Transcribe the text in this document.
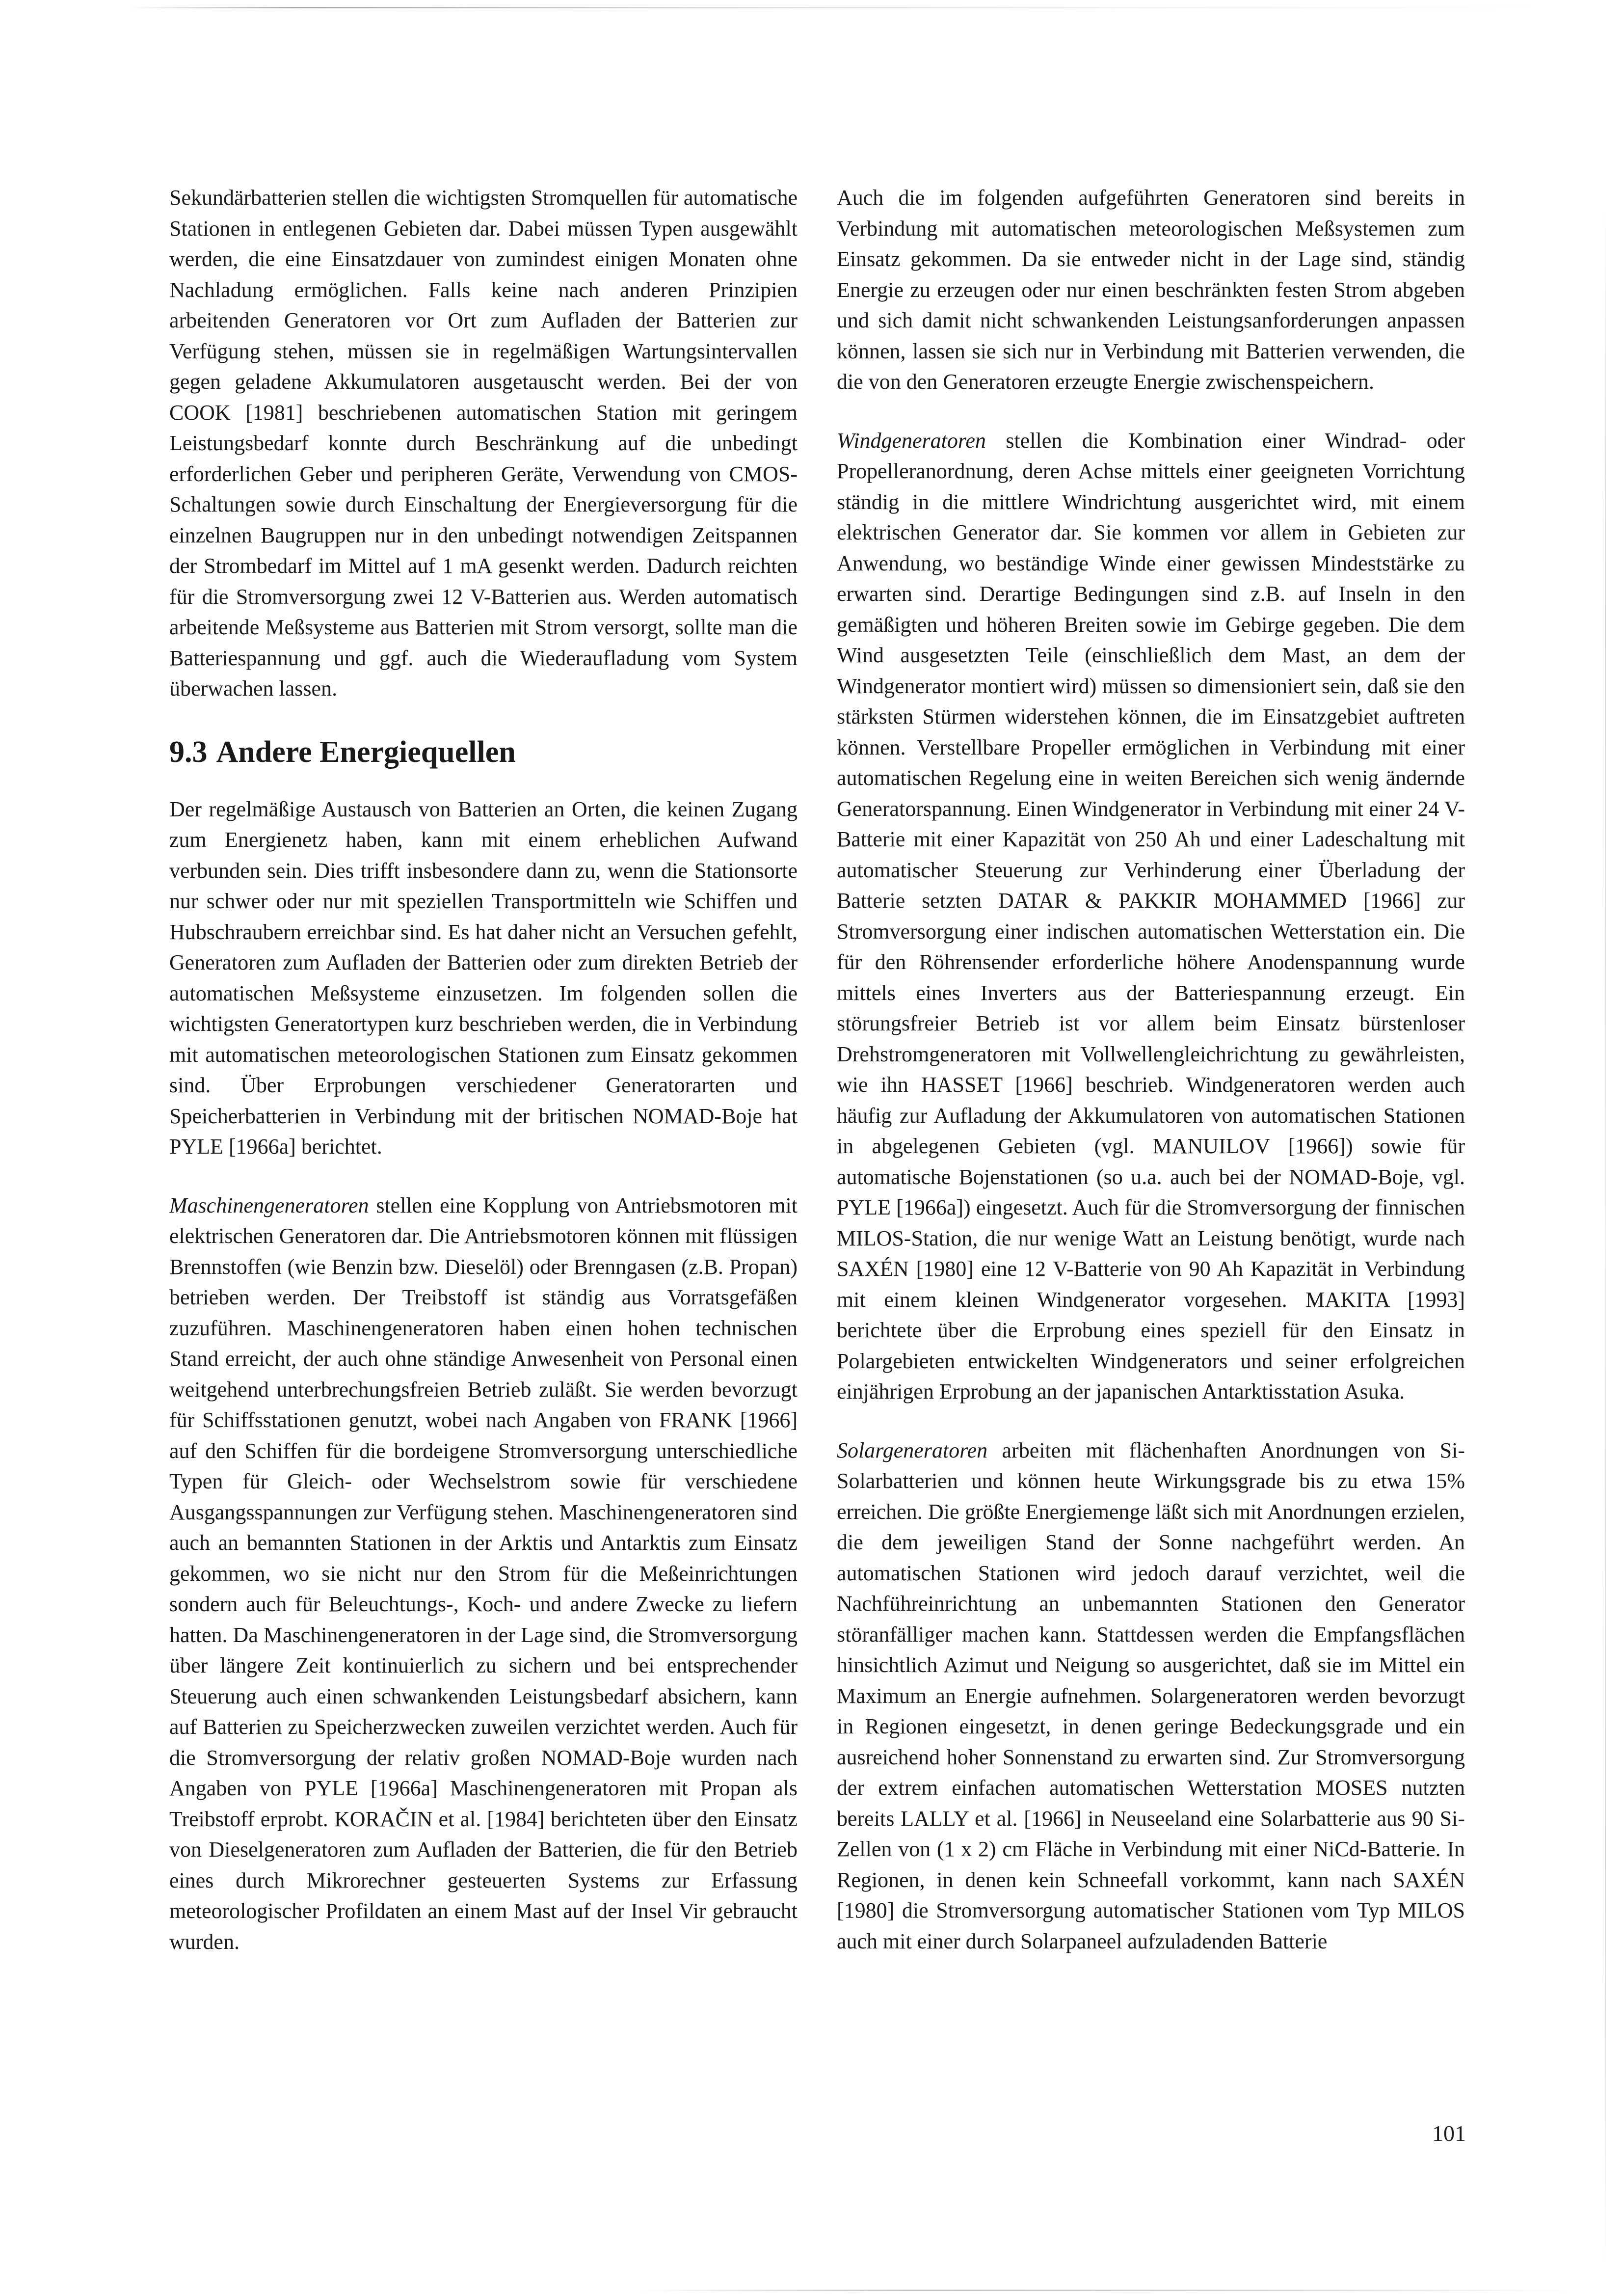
Sekundärbatterien stellen die wichtigsten Stromquellen für automatische Stationen in entlegenen Gebieten dar. Dabei müssen Typen ausgewählt werden, die eine Einsatzdauer von zumindest einigen Monaten ohne Nachladung ermöglichen. Falls keine nach anderen Prinzipien arbeitenden Generatoren vor Ort zum Aufladen der Batterien zur Verfügung stehen, müssen sie in regelmäßigen Wartungsintervallen gegen geladene Akkumulatoren ausgetauscht werden. Bei der von COOK [1981] beschriebenen automatischen Station mit geringem Leistungsbedarf konnte durch Beschränkung auf die unbedingt erforderlichen Geber und peripheren Geräte, Verwendung von CMOS-Schaltungen sowie durch Einschaltung der Energieversorgung für die einzelnen Baugruppen nur in den unbedingt notwendigen Zeitspannen der Strombedarf im Mittel auf 1 mA gesenkt werden. Dadurch reichten für die Stromversorgung zwei 12 V-Batterien aus. Werden automatisch arbeitende Meßsysteme aus Batterien mit Strom versorgt, sollte man die Batteriespannung und ggf. auch die Wiederaufladung vom System überwachen lassen.

9.3 Andere Energiequellen

Der regelmäßige Austausch von Batterien an Orten, die keinen Zugang zum Energienetz haben, kann mit einem erheblichen Aufwand verbunden sein. Dies trifft insbesondere dann zu, wenn die Stationsorte nur schwer oder nur mit speziellen Transportmitteln wie Schiffen und Hubschraubern erreichbar sind. Es hat daher nicht an Versuchen gefehlt, Generatoren zum Aufladen der Batterien oder zum direkten Betrieb der automatischen Meßsysteme einzusetzen. Im folgenden sollen die wichtigsten Generatortypen kurz beschrieben werden, die in Verbindung mit automatischen meteorologischen Stationen zum Einsatz gekommen sind. Über Erprobungen verschiedener Generatorarten und Speicherbatterien in Verbindung mit der britischen NOMAD-Boje hat PYLE [1966a] berichtet.

Maschinengeneratoren stellen eine Kopplung von Antriebsmotoren mit elektrischen Generatoren dar. Die Antriebsmotoren können mit flüssigen Brennstoffen (wie Benzin bzw. Dieselöl) oder Brenngasen (z.B. Propan) betrieben werden. Der Treibstoff ist ständig aus Vorratsgefäßen zuzuführen. Maschinengeneratoren haben einen hohen technischen Stand erreicht, der auch ohne ständige Anwesenheit von Personal einen weitgehend unterbrechungsfreien Betrieb zuläßt. Sie werden bevorzugt für Schiffsstationen genutzt, wobei nach Angaben von FRANK [1966] auf den Schiffen für die bordeigene Stromversorgung unterschiedliche Typen für Gleich- oder Wechselstrom sowie für verschiedene Ausgangsspannungen zur Verfügung stehen. Maschinengeneratoren sind auch an bemannten Stationen in der Arktis und Antarktis zum Einsatz gekommen, wo sie nicht nur den Strom für die Meßeinrichtungen sondern auch für Beleuchtungs-, Koch- und andere Zwecke zu liefern hatten. Da Maschinengeneratoren in der Lage sind, die Stromversorgung über längere Zeit kontinuierlich zu sichern und bei entsprechender Steuerung auch einen schwankenden Leistungsbedarf absichern, kann auf Batterien zu Speicherzwecken zuweilen verzichtet werden. Auch für die Stromversorgung der relativ großen NOMAD-Boje wurden nach Angaben von PYLE [1966a] Maschinengeneratoren mit Propan als Treibstoff erprobt. KORAČIN et al. [1984] berichteten über den Einsatz von Dieselgeneratoren zum Aufladen der Batterien, die für den Betrieb eines durch Mikrorechner gesteuerten Systems zur Erfassung meteorologischer Profildaten an einem Mast auf der Insel Vir gebraucht wurden.

Auch die im folgenden aufgeführten Generatoren sind bereits in Verbindung mit automatischen meteorologischen Meßsystemen zum Einsatz gekommen. Da sie entweder nicht in der Lage sind, ständig Energie zu erzeugen oder nur einen beschränkten festen Strom abgeben und sich damit nicht schwankenden Leistungsanforderungen anpassen können, lassen sie sich nur in Verbindung mit Batterien verwenden, die die von den Generatoren erzeugte Energie zwischenspeichern.

Windgeneratoren stellen die Kombination einer Windrad- oder Propelleranordnung, deren Achse mittels einer geeigneten Vorrichtung ständig in die mittlere Windrichtung ausgerichtet wird, mit einem elektrischen Generator dar. Sie kommen vor allem in Gebieten zur Anwendung, wo beständige Winde einer gewissen Mindeststärke zu erwarten sind. Derartige Bedingungen sind z.B. auf Inseln in den gemäßigten und höheren Breiten sowie im Gebirge gegeben. Die dem Wind ausgesetzten Teile (einschließlich dem Mast, an dem der Windgenerator montiert wird) müssen so dimensioniert sein, daß sie den stärksten Stürmen widerstehen können, die im Einsatzgebiet auftreten können. Verstellbare Propeller ermöglichen in Verbindung mit einer automatischen Regelung eine in weiten Bereichen sich wenig ändernde Generatorspannung. Einen Windgenerator in Verbindung mit einer 24 V-Batterie mit einer Kapazität von 250 Ah und einer Ladeschaltung mit automatischer Steuerung zur Verhinderung einer Überladung der Batterie setzten DATAR & PAKKIR MOHAMMED [1966] zur Stromversorgung einer indischen automatischen Wetterstation ein. Die für den Röhrensender erforderliche höhere Anodenspannung wurde mittels eines Inverters aus der Batteriespannung erzeugt. Ein störungsfreier Betrieb ist vor allem beim Einsatz bürstenloser Drehstromgeneratoren mit Vollwellengleichrichtung zu gewährleisten, wie ihn HASSET [1966] beschrieb. Windgeneratoren werden auch häufig zur Aufladung der Akkumulatoren von automatischen Stationen in abgelegenen Gebieten (vgl. MANUILOV [1966]) sowie für automatische Bojenstationen (so u.a. auch bei der NOMAD-Boje, vgl. PYLE [1966a]) eingesetzt. Auch für die Stromversorgung der finnischen MILOS-Station, die nur wenige Watt an Leistung benötigt, wurde nach SAXÉN [1980] eine 12 V-Batterie von 90 Ah Kapazität in Verbindung mit einem kleinen Windgenerator vorgesehen. MAKITA [1993] berichtete über die Erprobung eines speziell für den Einsatz in Polargebieten entwickelten Windgenerators und seiner erfolgreichen einjährigen Erprobung an der japanischen Antarktisstation Asuka.

Solargeneratoren arbeiten mit flächenhaften Anordnungen von Si-Solarbatterien und können heute Wirkungsgrade bis zu etwa 15% erreichen. Die größte Energiemenge läßt sich mit Anordnungen erzielen, die dem jeweiligen Stand der Sonne nachgeführt werden. An automatischen Stationen wird jedoch darauf verzichtet, weil die Nachführeinrichtung an unbemannten Stationen den Generator störanfälliger machen kann. Stattdessen werden die Empfangsflächen hinsichtlich Azimut und Neigung so ausgerichtet, daß sie im Mittel ein Maximum an Energie aufnehmen. Solargeneratoren werden bevorzugt in Regionen eingesetzt, in denen geringe Bedeckungsgrade und ein ausreichend hoher Sonnenstand zu erwarten sind. Zur Stromversorgung der extrem einfachen automatischen Wetterstation MOSES nutzten bereits LALLY et al. [1966] in Neuseeland eine Solarbatterie aus 90 Si-Zellen von (1 x 2) cm Fläche in Verbindung mit einer NiCd-Batterie. In Regionen, in denen kein Schneefall vorkommt, kann nach SAXÉN [1980] die Stromversorgung automatischer Stationen vom Typ MILOS auch mit einer durch Solarpaneel aufzuladenden Batterie

101
